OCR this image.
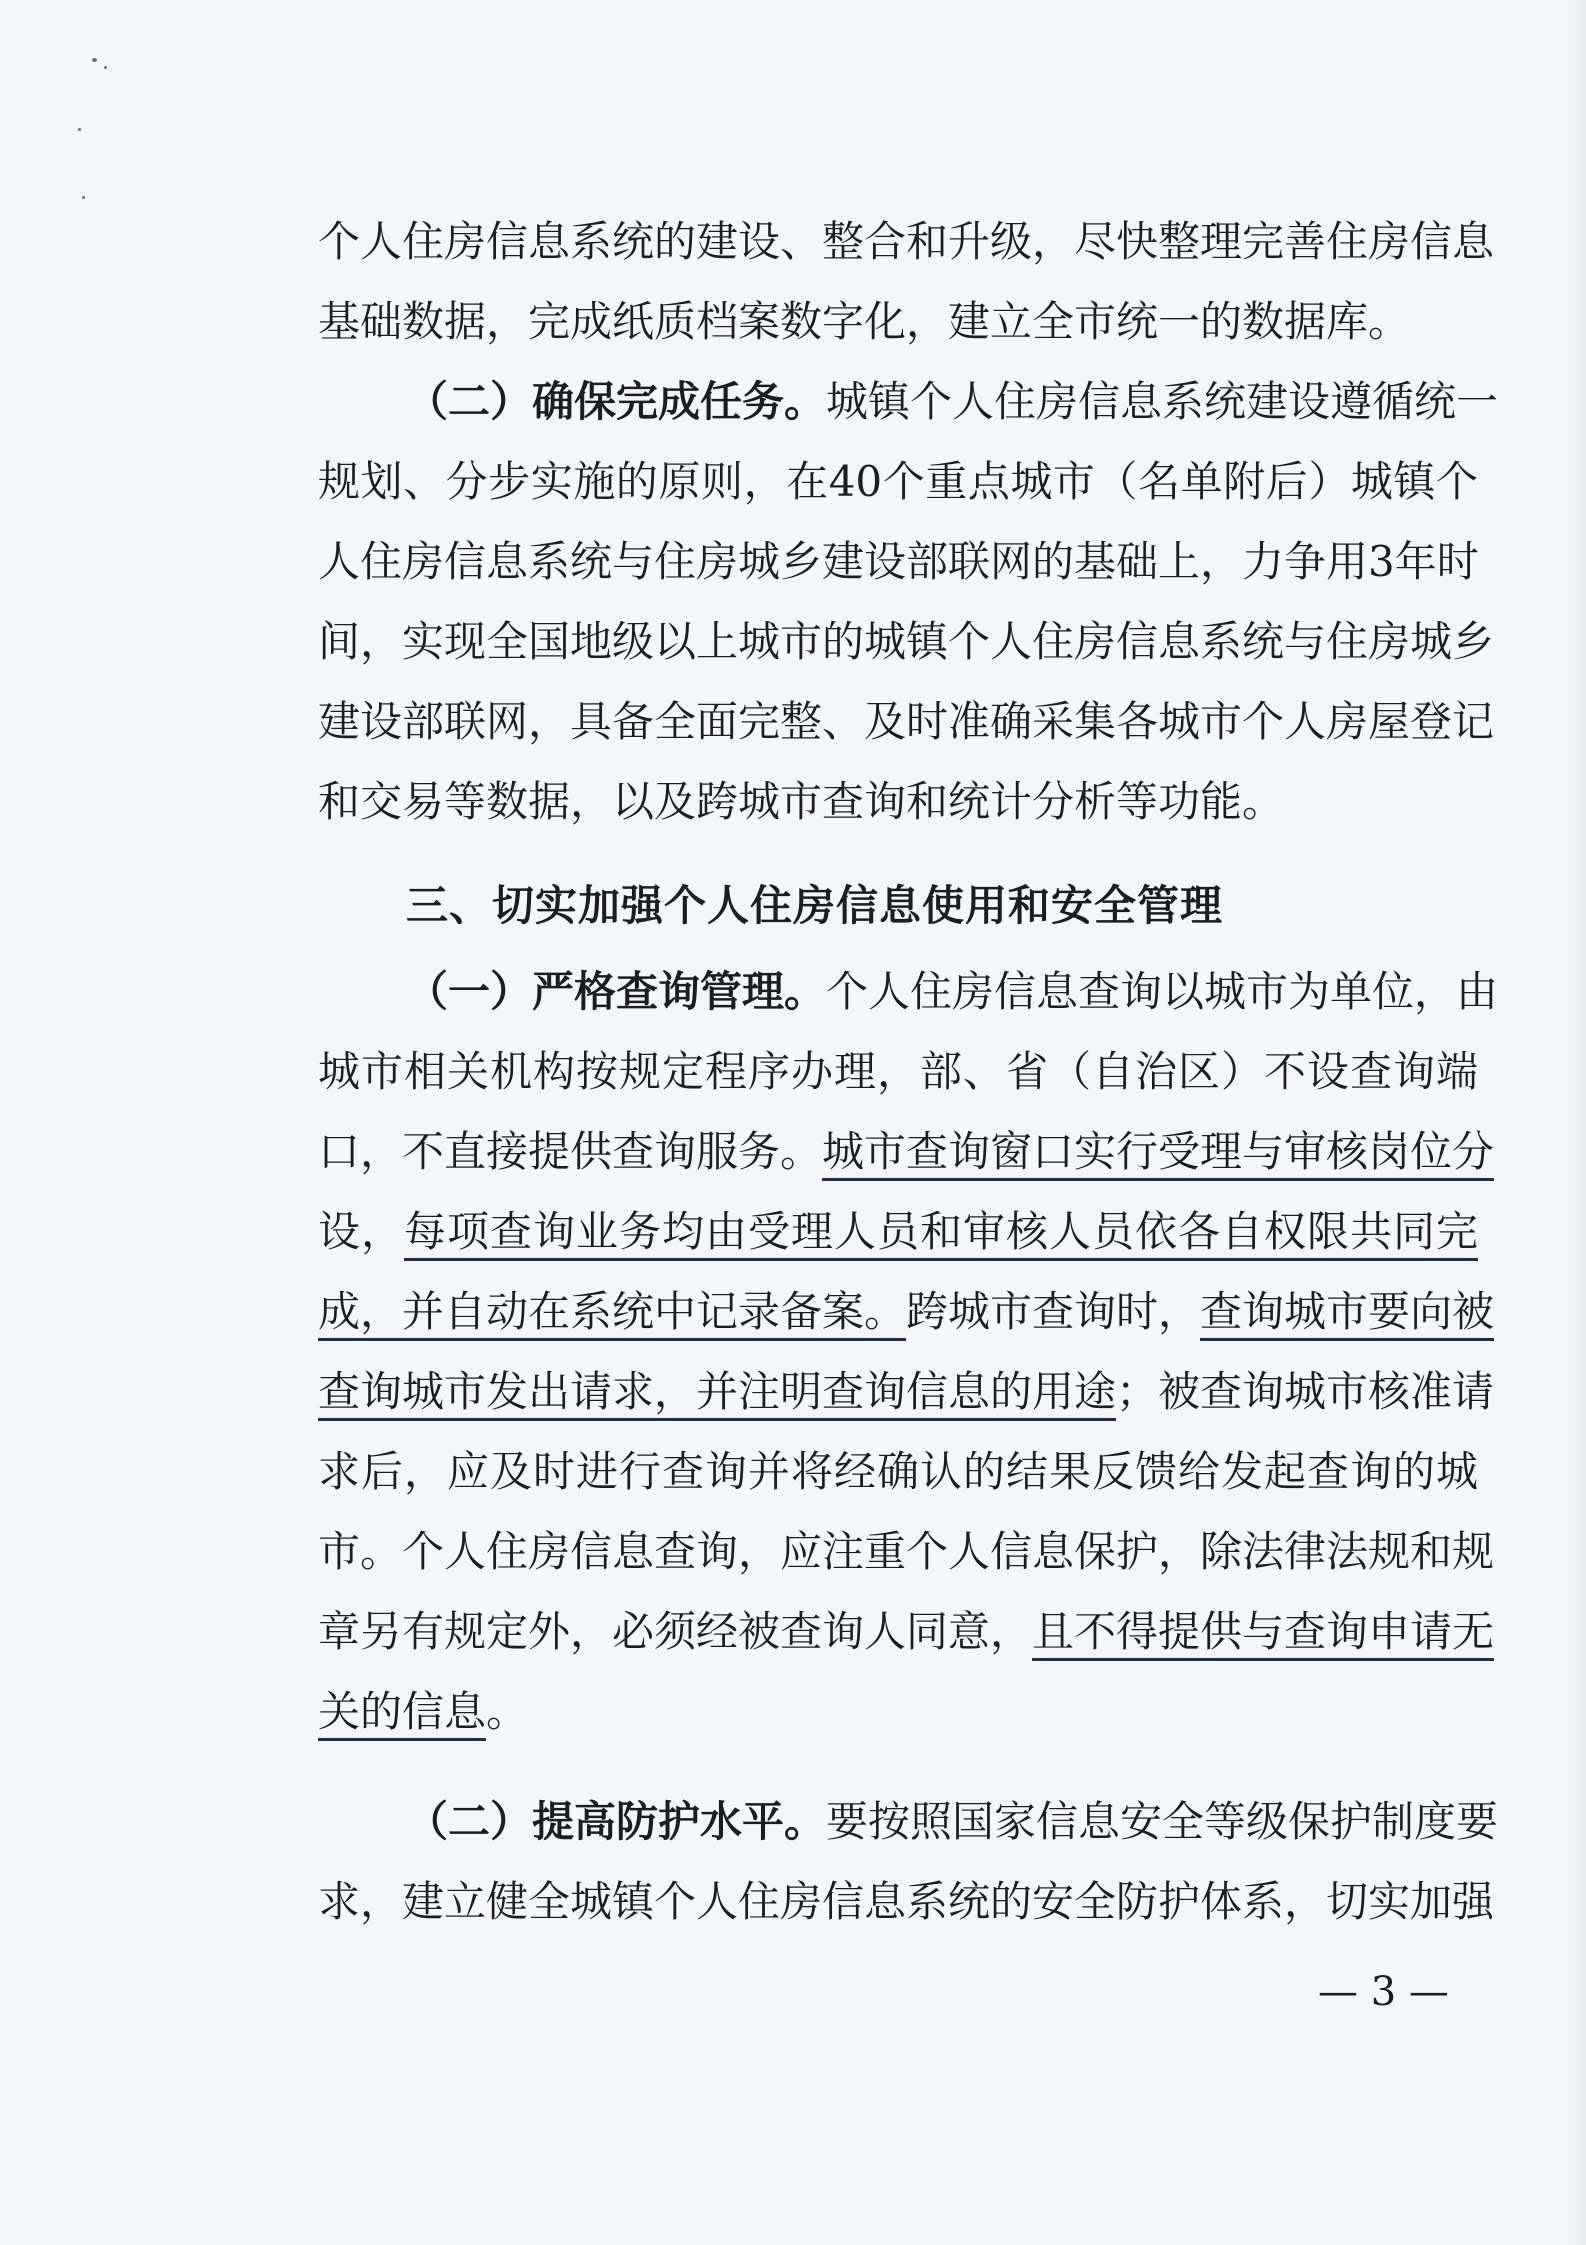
个人住房信息系统的建设、整合和升级，尽快整理完善住房信息
基础数据，完成纸质档案数字化，建立全市统一的数据库。
（二）确保完成任务。城镇个人住房信息系统建设遵循统一
规划、分步实施的原则，在40个重点城市（名单附后）城镇个
人住房信息系统与住房城乡建设部联网的基础上，力争用3年时
间，实现全国地级以上城市的城镇个人住房信息系统与住房城乡
建设部联网，具备全面完整、及时准确采集各城市个人房屋登记
和交易等数据，以及跨城市查询和统计分析等功能。
三、切实加强个人住房信息使用和安全管理
（一）严格查询管理。个人住房信息查询以城市为单位，由
城市相关机构按规定程序办理，部、省（自治区）不设查询端
口，不直接提供查询服务。城市查询窗口实行受理与审核岗位分
设，每项查询业务均由受理人员和审核人员依各自权限共同完
成，并自动在系统中记录备案。跨城市查询时，查询城市要向被
查询城市发出请求，并注明查询信息的用途；被查询城市核准请
求后，应及时进行查询并将经确认的结果反馈给发起查询的城
市。个人住房信息查询，应注重个人信息保护，除法律法规和规
章另有规定外，必须经被查询人同意，且不得提供与查询申请无
关的信息。
（二）提高防护水平。要按照国家信息安全等级保护制度要
求，建立健全城镇个人住房信息系统的安全防护体系，切实加强
— 3 —
